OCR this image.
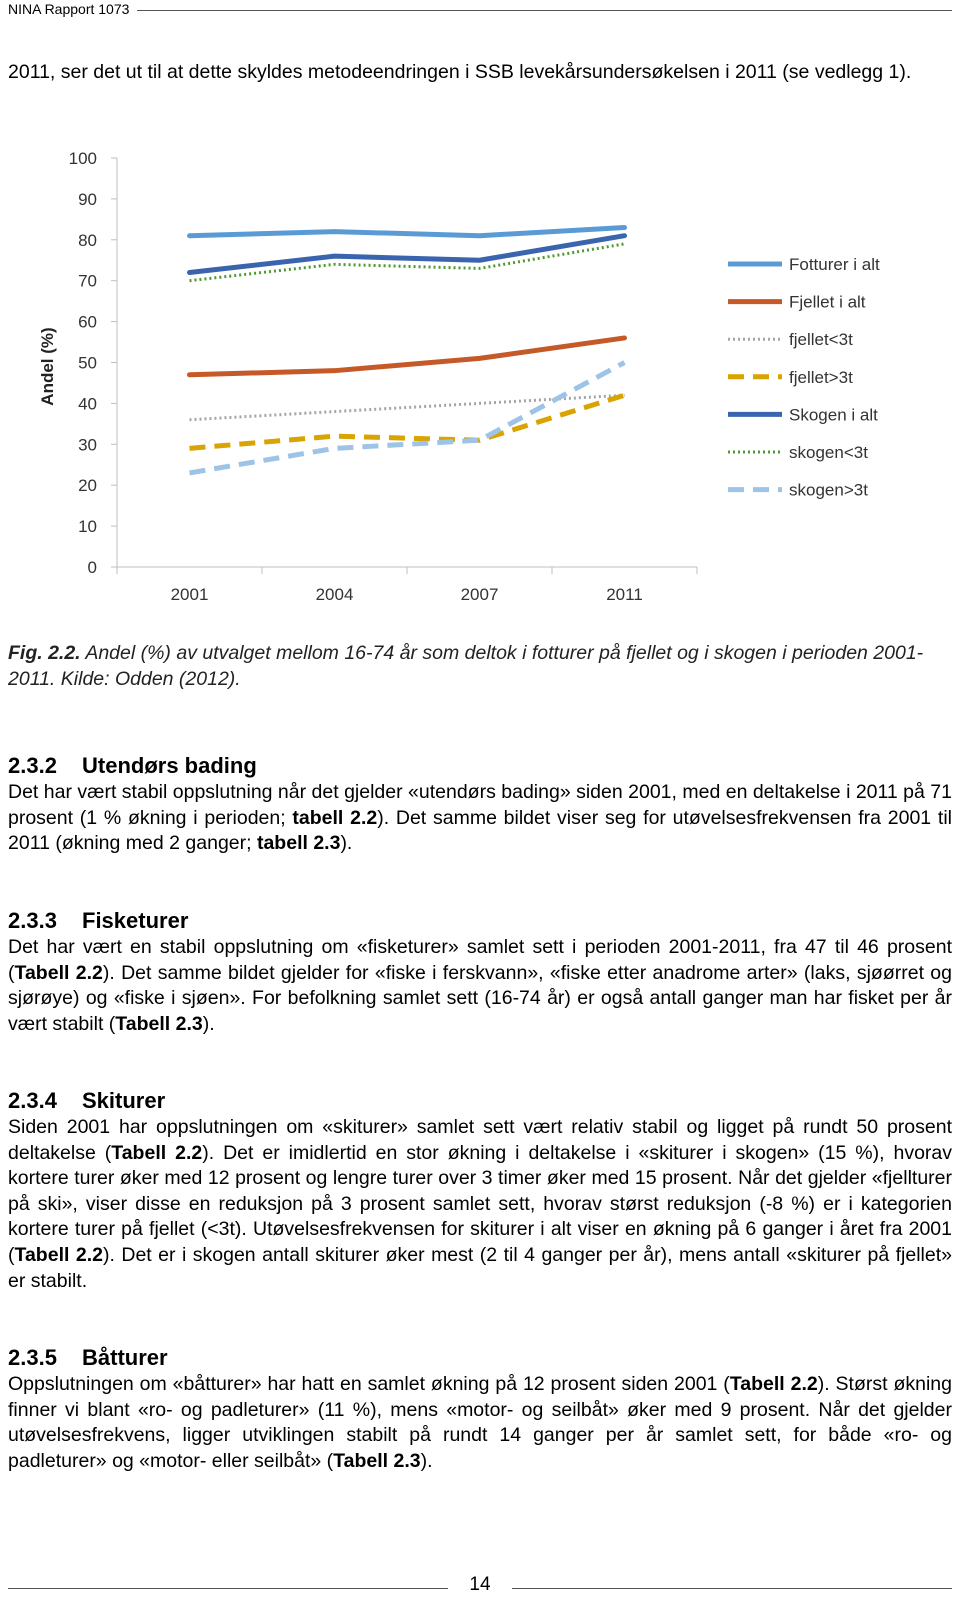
NINA Rapport 1073

2011, ser det ut til at dette skyldes metodeendringen i SSB levekårsundersøkelsen i 2011 (se vedlegg 1).

0
10
20
30
40
50
60
70
80
90
100
2001	2004	2007	2011
Andel (%)
Fotturer i alt
Fjellet i alt
fjellet<3t
fjellet>3t
Skogen i alt
skogen<3t
skogen>3t

Fig. 2.2. Andel (%) av utvalget mellom 16-74 år som deltok i fotturer på fjellet og i skogen i perioden 2001-2011. Kilde: Odden (2012).

2.3.2 Utendørs bading

Det har vært stabil oppslutning når det gjelder «utendørs bading» siden 2001, med en deltakelse i 2011 på 71 prosent (1 % økning i perioden; tabell 2.2). Det samme bildet viser seg for utøvelsesfrekvensen fra 2001 til 2011 (økning med 2 ganger; tabell 2.3).

2.3.3 Fisketurer

Det har vært en stabil oppslutning om «fisketurer» samlet sett i perioden 2001-2011, fra 47 til 46 prosent (Tabell 2.2). Det samme bildet gjelder for «fiske i ferskvann», «fiske etter anadrome arter» (laks, sjøørret og sjørøye) og «fiske i sjøen». For befolkning samlet sett (16-74 år) er også antall ganger man har fisket per år vært stabilt (Tabell 2.3).

2.3.4 Skiturer

Siden 2001 har oppslutningen om «skiturer» samlet sett vært relativ stabil og ligget på rundt 50 prosent deltakelse (Tabell 2.2). Det er imidlertid en stor økning i deltakelse i «skiturer i skogen» (15 %), hvorav kortere turer øker med 12 prosent og lengre turer over 3 timer øker med 15 prosent. Når det gjelder «fjellturer på ski», viser disse en reduksjon på 3 prosent samlet sett, hvorav størst reduksjon (-8 %) er i kategorien kortere turer på fjellet (<3t). Utøvelsesfrekvensen for skiturer i alt viser en økning på 6 ganger i året fra 2001 (Tabell 2.2). Det er i skogen antall skiturer øker mest (2 til 4 ganger per år), mens antall «skiturer på fjellet» er stabilt.

2.3.5 Båtturer

Oppslutningen om «båtturer» har hatt en samlet økning på 12 prosent siden 2001 (Tabell 2.2). Størst økning finner vi blant «ro- og padleturer» (11 %), mens «motor- og seilbåt» øker med 9 prosent. Når det gjelder utøvelsesfrekvens, ligger utviklingen stabilt på rundt 14 ganger per år samlet sett, for både «ro- og padleturer» og «motor- eller seilbåt» (Tabell 2.3).

14
